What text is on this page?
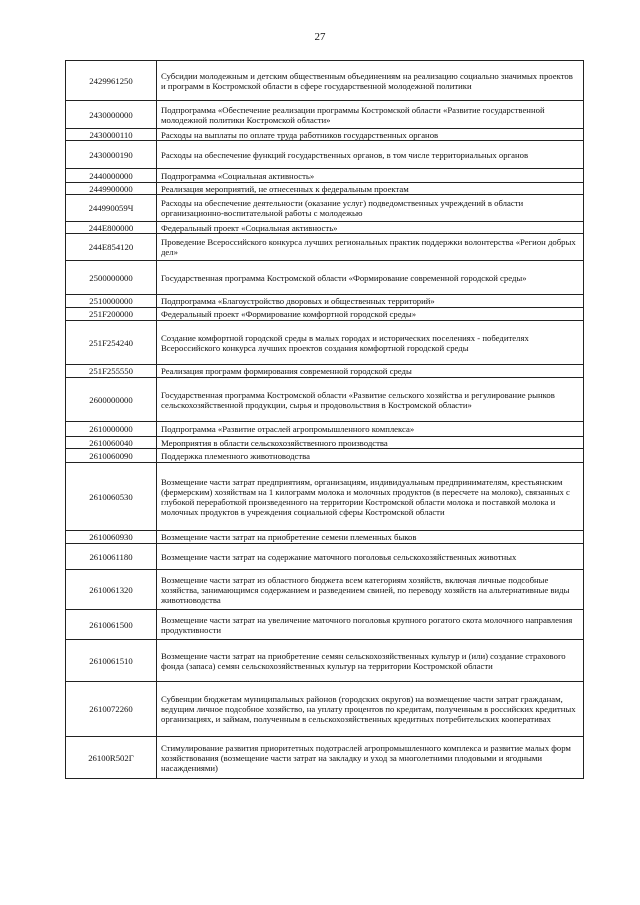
27
2429961250	Субсидии молодежным и детским общественным объединениям на реализацию социально значимых проектов и программ в Костромской области в сфере государственной молодежной политики
2430000000	Подпрограмма «Обеспечение реализации программы Костромской области «Развитие государственной молодежной политики Костромской области»
2430000110	Расходы на выплаты по оплате труда работников государственных органов
2430000190	Расходы на обеспечение функций государственных органов, в том числе территориальных органов
2440000000	Подпрограмма «Социальная активность»
2449900000	Реализация мероприятий, не отнесенных к федеральным проектам
244990059Ч	Расходы на обеспечение деятельности (оказание услуг) подведомственных учреждений в области организационно-воспитательной работы с молодежью
244E800000	Федеральный проект «Социальная активность»
244E854120	Проведение Всероссийского конкурса лучших региональных практик поддержки волонтерства «Регион добрых дел»
2500000000	Государственная программа Костромской области «Формирование современной городской среды»
2510000000	Подпрограмма «Благоустройство дворовых и общественных территорий»
251F200000	Федеральный проект «Формирование комфортной городской среды»
251F254240	Создание комфортной городской среды в малых городах и исторических поселениях - победителях Всероссийского конкурса лучших проектов создания комфортной городской среды
251F255550	Реализация программ формирования современной городской среды
2600000000	Государственная программа Костромской области «Развитие сельского хозяйства и регулирование рынков сельскохозяйственной продукции, сырья и продовольствия в Костромской области»
2610000000	Подпрограмма «Развитие отраслей агропромышленного комплекса»
2610060040	Мероприятия в области сельскохозяйственного производства
2610060090	Поддержка племенного животноводства
2610060530	Возмещение части затрат предприятиям, организациям, индивидуальным предпринимателям, крестьянским (фермерским) хозяйствам на 1 килограмм молока и молочных продуктов (в пересчете на молоко), связанных с глубокой переработкой произведенного на территории Костромской области молока и поставкой молока и молочных продуктов в учреждения социальной сферы Костромской области
2610060930	Возмещение части затрат на приобретение семени племенных быков
2610061180	Возмещение части затрат на содержание маточного поголовья сельскохозяйственных животных
2610061320	Возмещение части затрат из областного бюджета всем категориям хозяйств, включая личные подсобные хозяйства, занимающимся содержанием и разведением свиней, по переводу хозяйств на альтернативные виды животноводства
2610061500	Возмещение части затрат на увеличение маточного поголовья крупного рогатого скота молочного направления продуктивности
2610061510	Возмещение части затрат на приобретение семян сельскохозяйственных культур и (или) создание страхового фонда (запаса) семян сельскохозяйственных культур на территории Костромской области
2610072260	Субвенции бюджетам муниципальных районов (городских округов) на возмещение части затрат гражданам, ведущим личное подсобное хозяйство, на уплату процентов по кредитам, полученным в российских кредитных организациях, и займам, полученным в сельскохозяйственных кредитных потребительских кооперативах
26100R502Г	Стимулирование развития приоритетных подотраслей агропромышленного комплекса и развитие малых форм хозяйствования (возмещение части затрат на закладку и уход за многолетними плодовыми и ягодными насаждениями)
